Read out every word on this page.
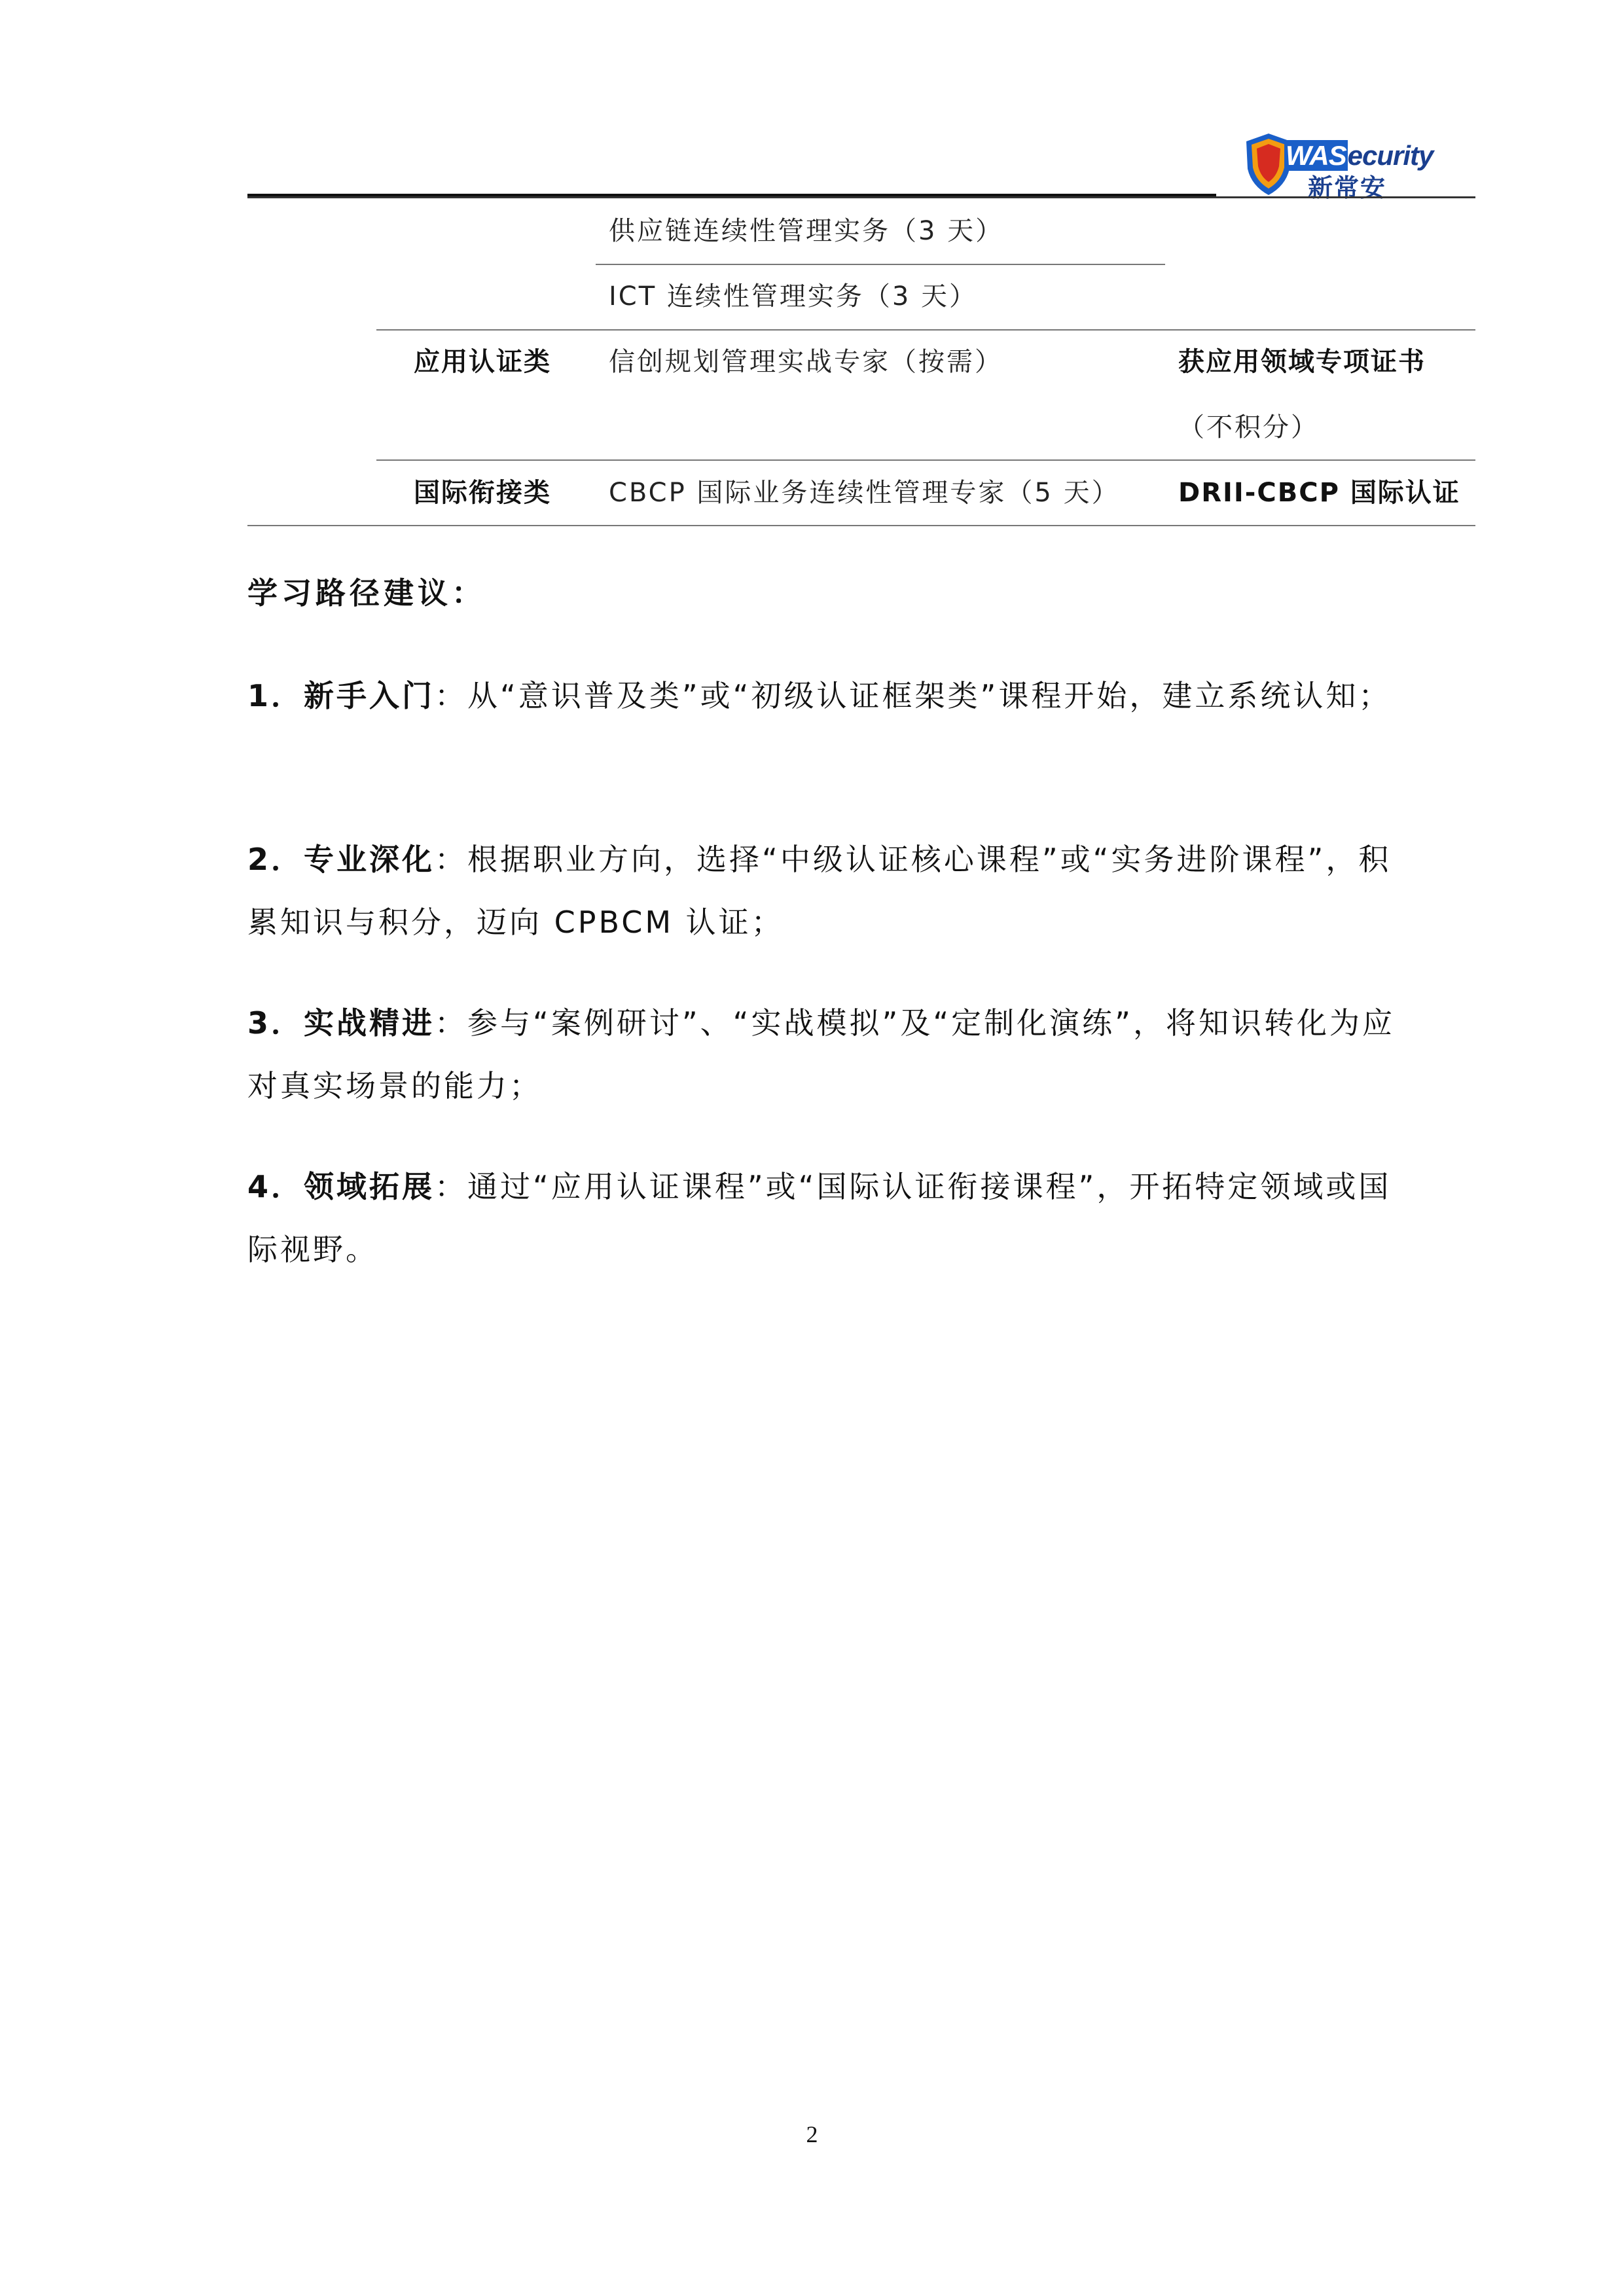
WASecurity
新常安
供应链连续性管理实务（3 天）
ICT 连续性管理实务（3 天）
应用认证类 信创规划管理实战专家（按需）	获应用领域专项证书
（不积分）
国际衔接类 CBCP 国际业务连续性管理专家（5 天） DRII-CBCP 国际认证
学习路径建议：
1．新手入门：从“意识普及类”或“初级认证框架类”课程开始，建立系统认知；
2．专业深化：根据职业方向，选择“中级认证核心课程”或“实务进阶课程”，积累知识与积分，迈向 CPBCM 认证；
3．实战精进：参与“案例研讨”、“实战模拟”及“定制化演练”，将知识转化为应对真实场景的能力；
4．领域拓展：通过“应用认证课程”或“国际认证衔接课程”，开拓特定领域或国际视野。
2
